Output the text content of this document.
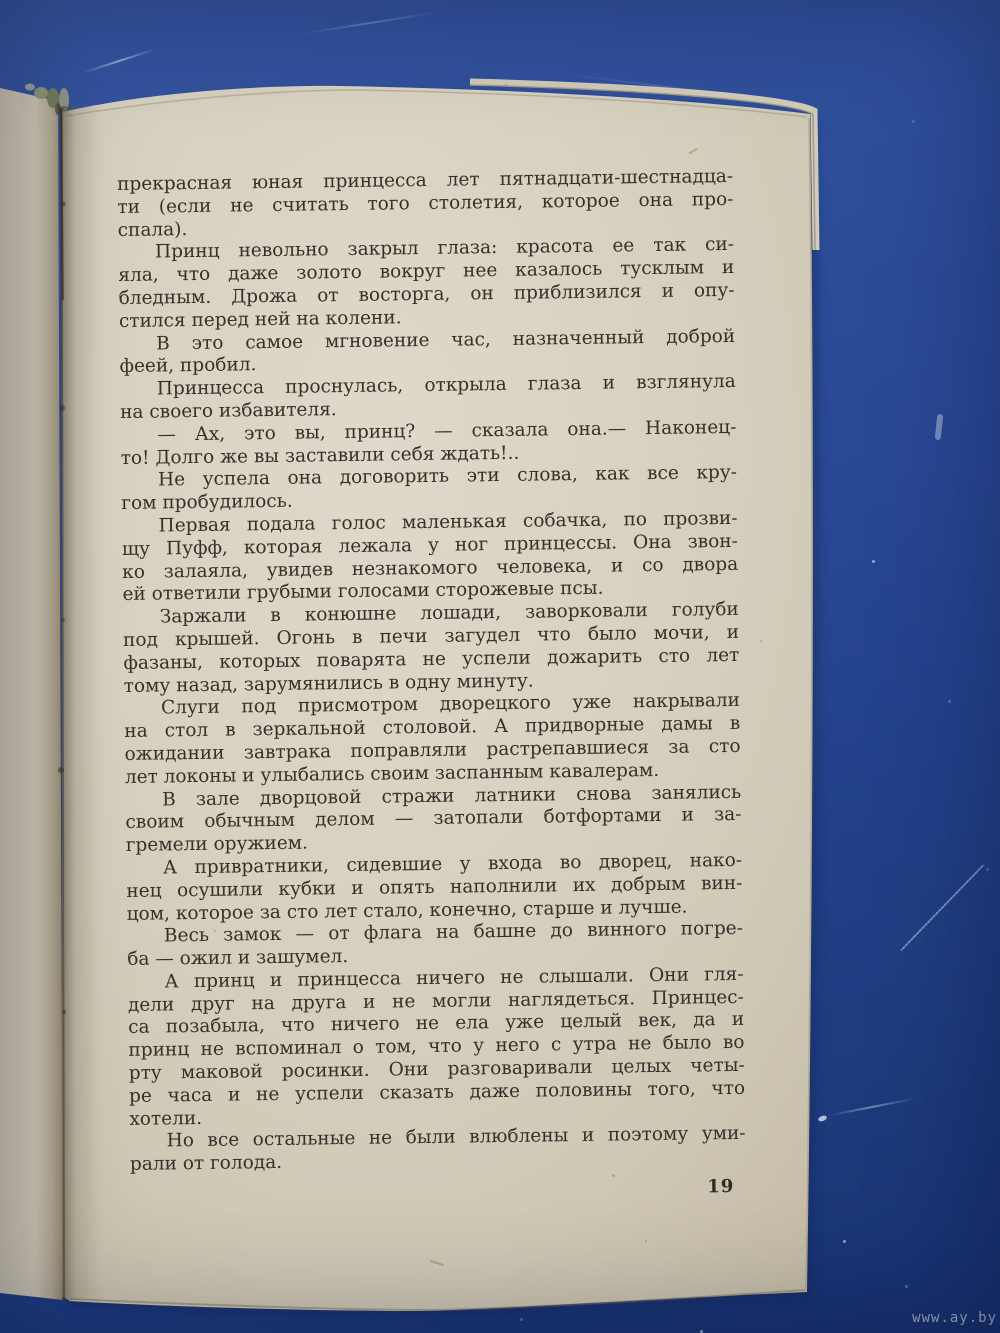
прекрасная юная принцесса лет пятнадцати-шестнадца-
ти (если не считать того столетия, которое она про-
спала).
Принц невольно закрыл глаза: красота ее так си-
яла, что даже золото вокруг нее казалось тусклым и
бледным. Дрожа от восторга, он приблизился и опу-
стился перед ней на колени.
В это самое мгновение час, назначенный доброй
феей, пробил.
Принцесса проснулась, открыла глаза и взглянула
на своего избавителя.
— Ах, это вы, принц? — сказала она.— Наконец-
то! Долго же вы заставили себя ждать!..
Не успела она договорить эти слова, как все кру-
гом пробудилось.
Первая подала голос маленькая собачка, по прозви-
щу Пуфф, которая лежала у ног принцессы. Она звон-
ко залаяла, увидев незнакомого человека, и со двора
ей ответили грубыми голосами сторожевые псы.
Заржали в конюшне лошади, заворковали голуби
под крышей. Огонь в печи загудел что было мочи, и
фазаны, которых поварята не успели дожарить сто лет
тому назад, зарумянились в одну минуту.
Слуги под присмотром дворецкого уже накрывали
на стол в зеркальной столовой. А придворные дамы в
ожидании завтрака поправляли растрепавшиеся за сто
лет локоны и улыбались своим заспанным кавалерам.
В зале дворцовой стражи латники снова занялись
своим обычным делом — затопали ботфортами и за-
гремели оружием.
А привратники, сидевшие у входа во дворец, нако-
нец осушили кубки и опять наполнили их добрым вин-
цом, которое за сто лет стало, конечно, старше и лучше.
Весь замок — от флага на башне до винного погре-
ба — ожил и зашумел.
А принц и принцесса ничего не слышали. Они гля-
дели друг на друга и не могли наглядеться. Принцес-
са позабыла, что ничего не ела уже целый век, да и
принц не вспоминал о том, что у него с утра не было во
рту маковой росинки. Они разговаривали целых четы-
ре часа и не успели сказать даже половины того, что
хотели.
Но все остальные не были влюблены и поэтому уми-
рали от голода.
19
www.ay.by
